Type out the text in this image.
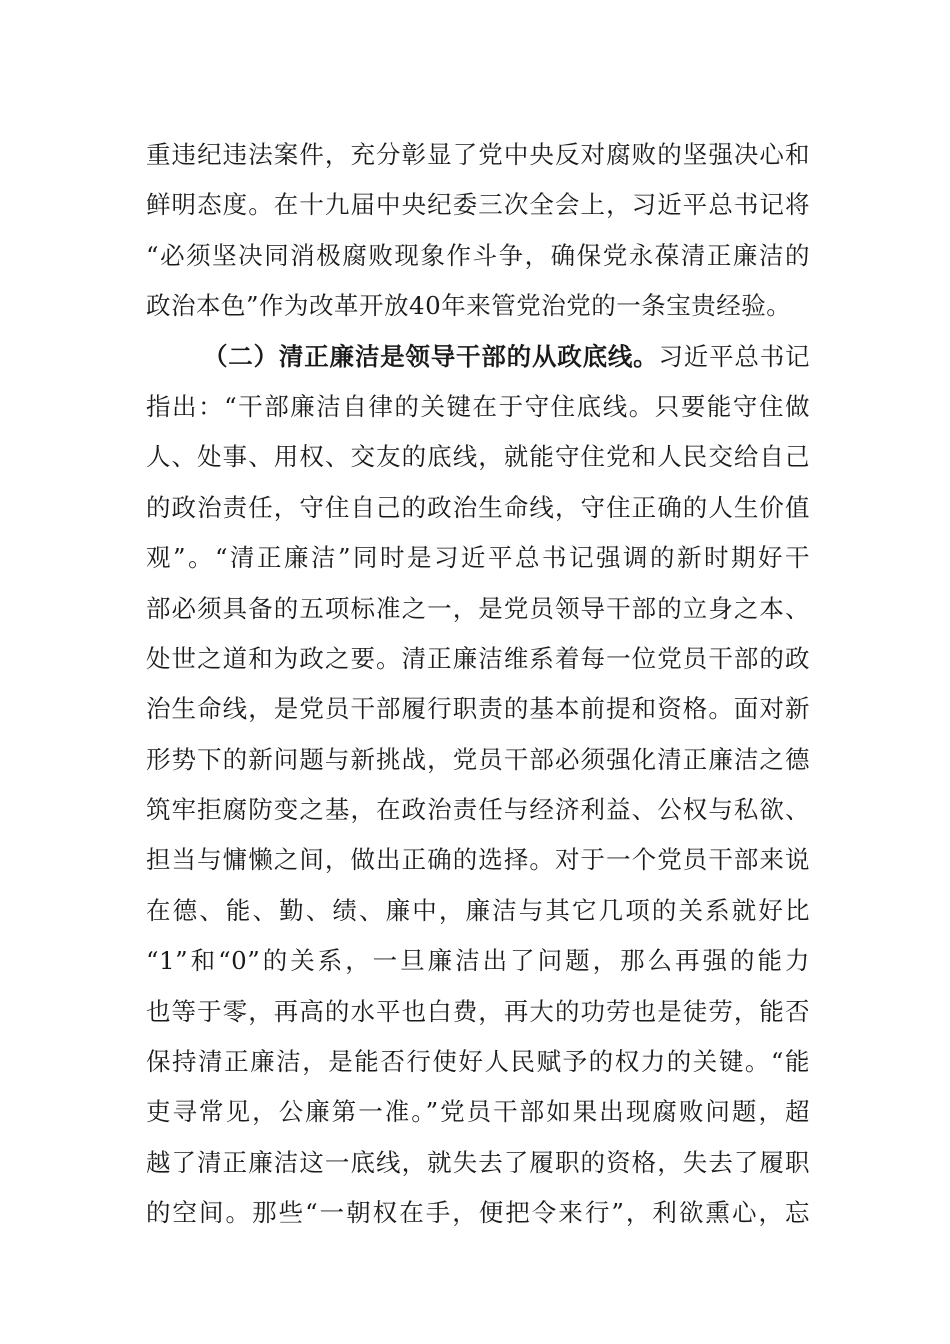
重违纪违法案件，充分彰显了党中央反对腐败的坚强决心和
鲜明态度。在十九届中央纪委三次全会上，习近平总书记将
“必须坚决同消极腐败现象作斗争，确保党永葆清正廉洁的
政治本色”作为改革开放40年来管党治党的一条宝贵经验。
（二）清正廉洁是领导干部的从政底线。习近平总书记
指出：“干部廉洁自律的关键在于守住底线。只要能守住做
人、处事、用权、交友的底线，就能守住党和人民交给自己
的政治责任，守住自己的政治生命线，守住正确的人生价值
观”。“清正廉洁”同时是习近平总书记强调的新时期好干
部必须具备的五项标准之一，是党员领导干部的立身之本、
处世之道和为政之要。清正廉洁维系着每一位党员干部的政
治生命线，是党员干部履行职责的基本前提和资格。面对新
形势下的新问题与新挑战，党员干部必须强化清正廉洁之德
筑牢拒腐防变之基，在政治责任与经济利益、公权与私欲、
担当与慵懒之间，做出正确的选择。对于一个党员干部来说
在德、能、勤、绩、廉中，廉洁与其它几项的关系就好比
“1”和“0”的关系，一旦廉洁出了问题，那么再强的能力
也等于零，再高的水平也白费，再大的功劳也是徒劳，能否
保持清正廉洁，是能否行使好人民赋予的权力的关键。“能
吏寻常见，公廉第一准。”党员干部如果出现腐败问题，超
越了清正廉洁这一底线，就失去了履职的资格，失去了履职
的空间。那些“一朝权在手，便把令来行”，利欲熏心，忘
